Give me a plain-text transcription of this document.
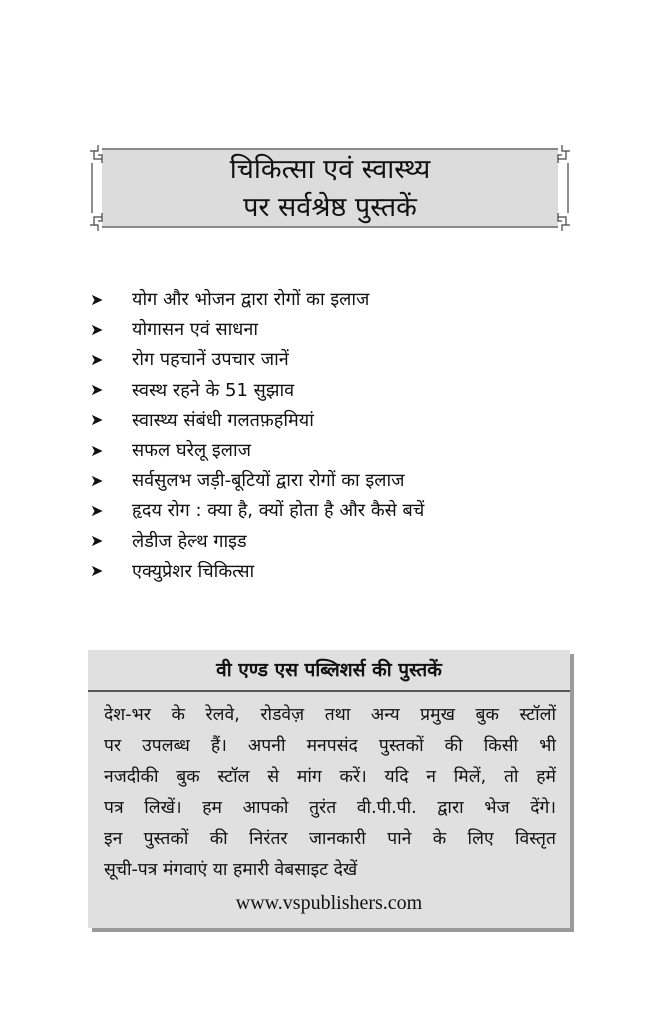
चिकित्सा एवं स्वास्थ्य
पर सर्वश्रेष्ठ पुस्तकें
➤	योग और भोजन द्वारा रोगों का इलाज
➤	योगासन एवं साधना
➤	रोग पहचानें उपचार जानें
➤	स्वस्थ रहने के 51 सुझाव
➤	स्वास्थ्य संबंधी गलतफ़हमियां
➤	सफल घरेलू इलाज
➤	सर्वसुलभ जड़ी-बूटियों द्वारा रोगों का इलाज
➤	हृदय रोग : क्या है, क्यों होता है और कैसे बचें
➤	लेडीज हेल्थ गाइड
➤	एक्युप्रेशर चिकित्सा
वी एण्ड एस पब्लिशर्स की पुस्तकें
देश-भर के रेलवे, रोडवेज़ तथा अन्य प्रमुख बुक स्टॉलों
पर उपलब्ध हैं। अपनी मनपसंद पुस्तकों की किसी भी
नजदीकी बुक स्टॉल से मांग करें। यदि न मिलें, तो हमें
पत्र लिखें। हम आपको तुरंत वी.पी.पी. द्वारा भेज देंगे।
इन पुस्तकों की निरंतर जानकारी पाने के लिए विस्तृत
सूची-पत्र मंगवाएं या हमारी वेबसाइट देखें
www.vspublishers.com
